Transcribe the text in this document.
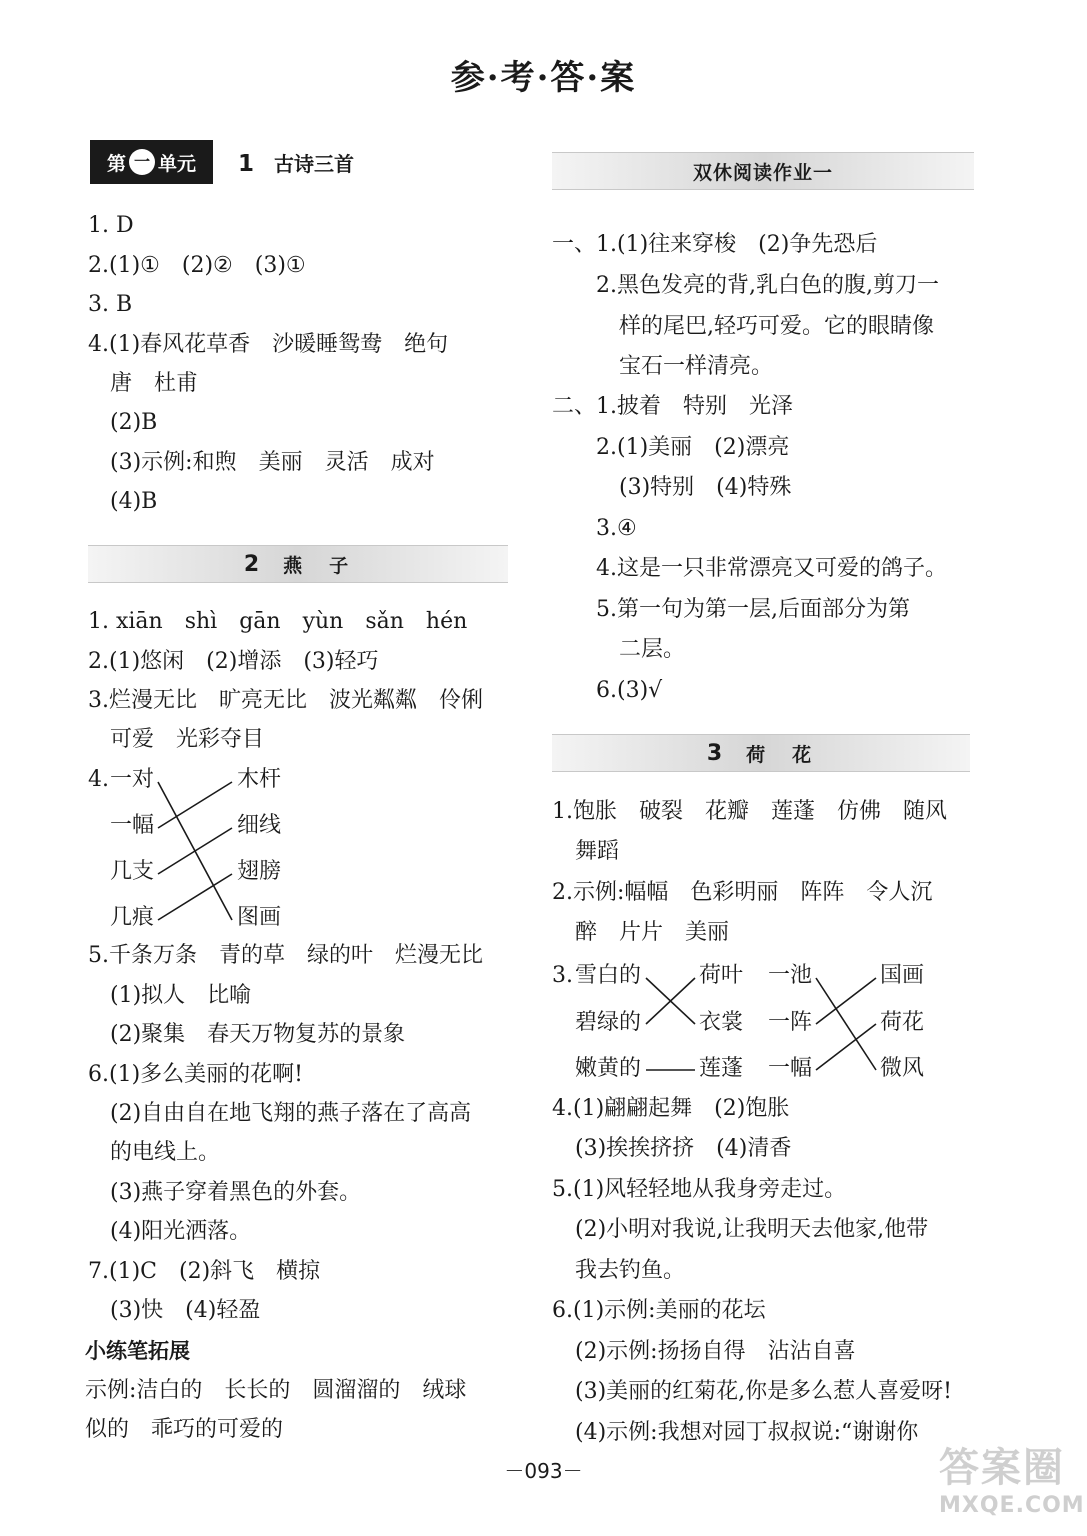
参·考·答·案
第 一 单元 1 古诗三首
1. D
2.(1)①　(2)②　(3)①
3. B
4.(1)春风花草香　沙暖睡鸳鸯　绝句
唐　杜甫
(2)B
(3)示例:和煦　美丽　灵活　成对
(4)B
2 燕　子
1. xiān　shì　gān　yùn　sǎn　hén
2.(1)悠闲　(2)增添　(3)轻巧
3.烂漫无比　旷亮无比　波光粼粼　伶俐
可爱　光彩夺目
4. 一对
一幅
几支
几痕
木杆
细线
翅膀
图画
5.千条万条　青的草　绿的叶　烂漫无比
(1)拟人　比喻
(2)聚集　春天万物复苏的景象
6.(1)多么美丽的花啊!
(2)自由自在地飞翔的燕子落在了高高
的电线上。
(3)燕子穿着黑色的外套。
(4)阳光洒落。
7.(1)C　(2)斜飞　横掠
(3)快　(4)轻盈
小练笔拓展
示例:洁白的　长长的　圆溜溜的　绒球
似的　乖巧的可爱的
双休阅读作业一
一、1.(1)往来穿梭　(2)争先恐后
2.黑色发亮的背,乳白色的腹,剪刀一
样的尾巴,轻巧可爱。它的眼睛像
宝石一样清亮。
二、1.披着　特别　光泽
2.(1)美丽　(2)漂亮
(3)特别　(4)特殊
3.④
4.这是一只非常漂亮又可爱的鸽子。
5.第一句为第一层,后面部分为第
二层。
6.(3)√
3 荷　花
1.饱胀　破裂　花瓣　莲蓬　仿佛　随风
舞蹈
2.示例:幅幅　色彩明丽　阵阵　令人沉
醉　片片　美丽
3. 雪白的
碧绿的
嫩黄的
荷叶
衣裳
莲蓬
一池
一阵
一幅
国画
荷花
微风
4.(1)翩翩起舞　(2)饱胀
(3)挨挨挤挤　(4)清香
5.(1)风轻轻地从我身旁走过。
(2)小明对我说,让我明天去他家,他带
我去钓鱼。
6.(1)示例:美丽的花坛
(2)示例:扬扬自得　沾沾自喜
(3)美丽的红菊花,你是多么惹人喜爱呀!
(4)示例:我想对园丁叔叔说:“谢谢你
－093－	答案圈
MXQE.COM
